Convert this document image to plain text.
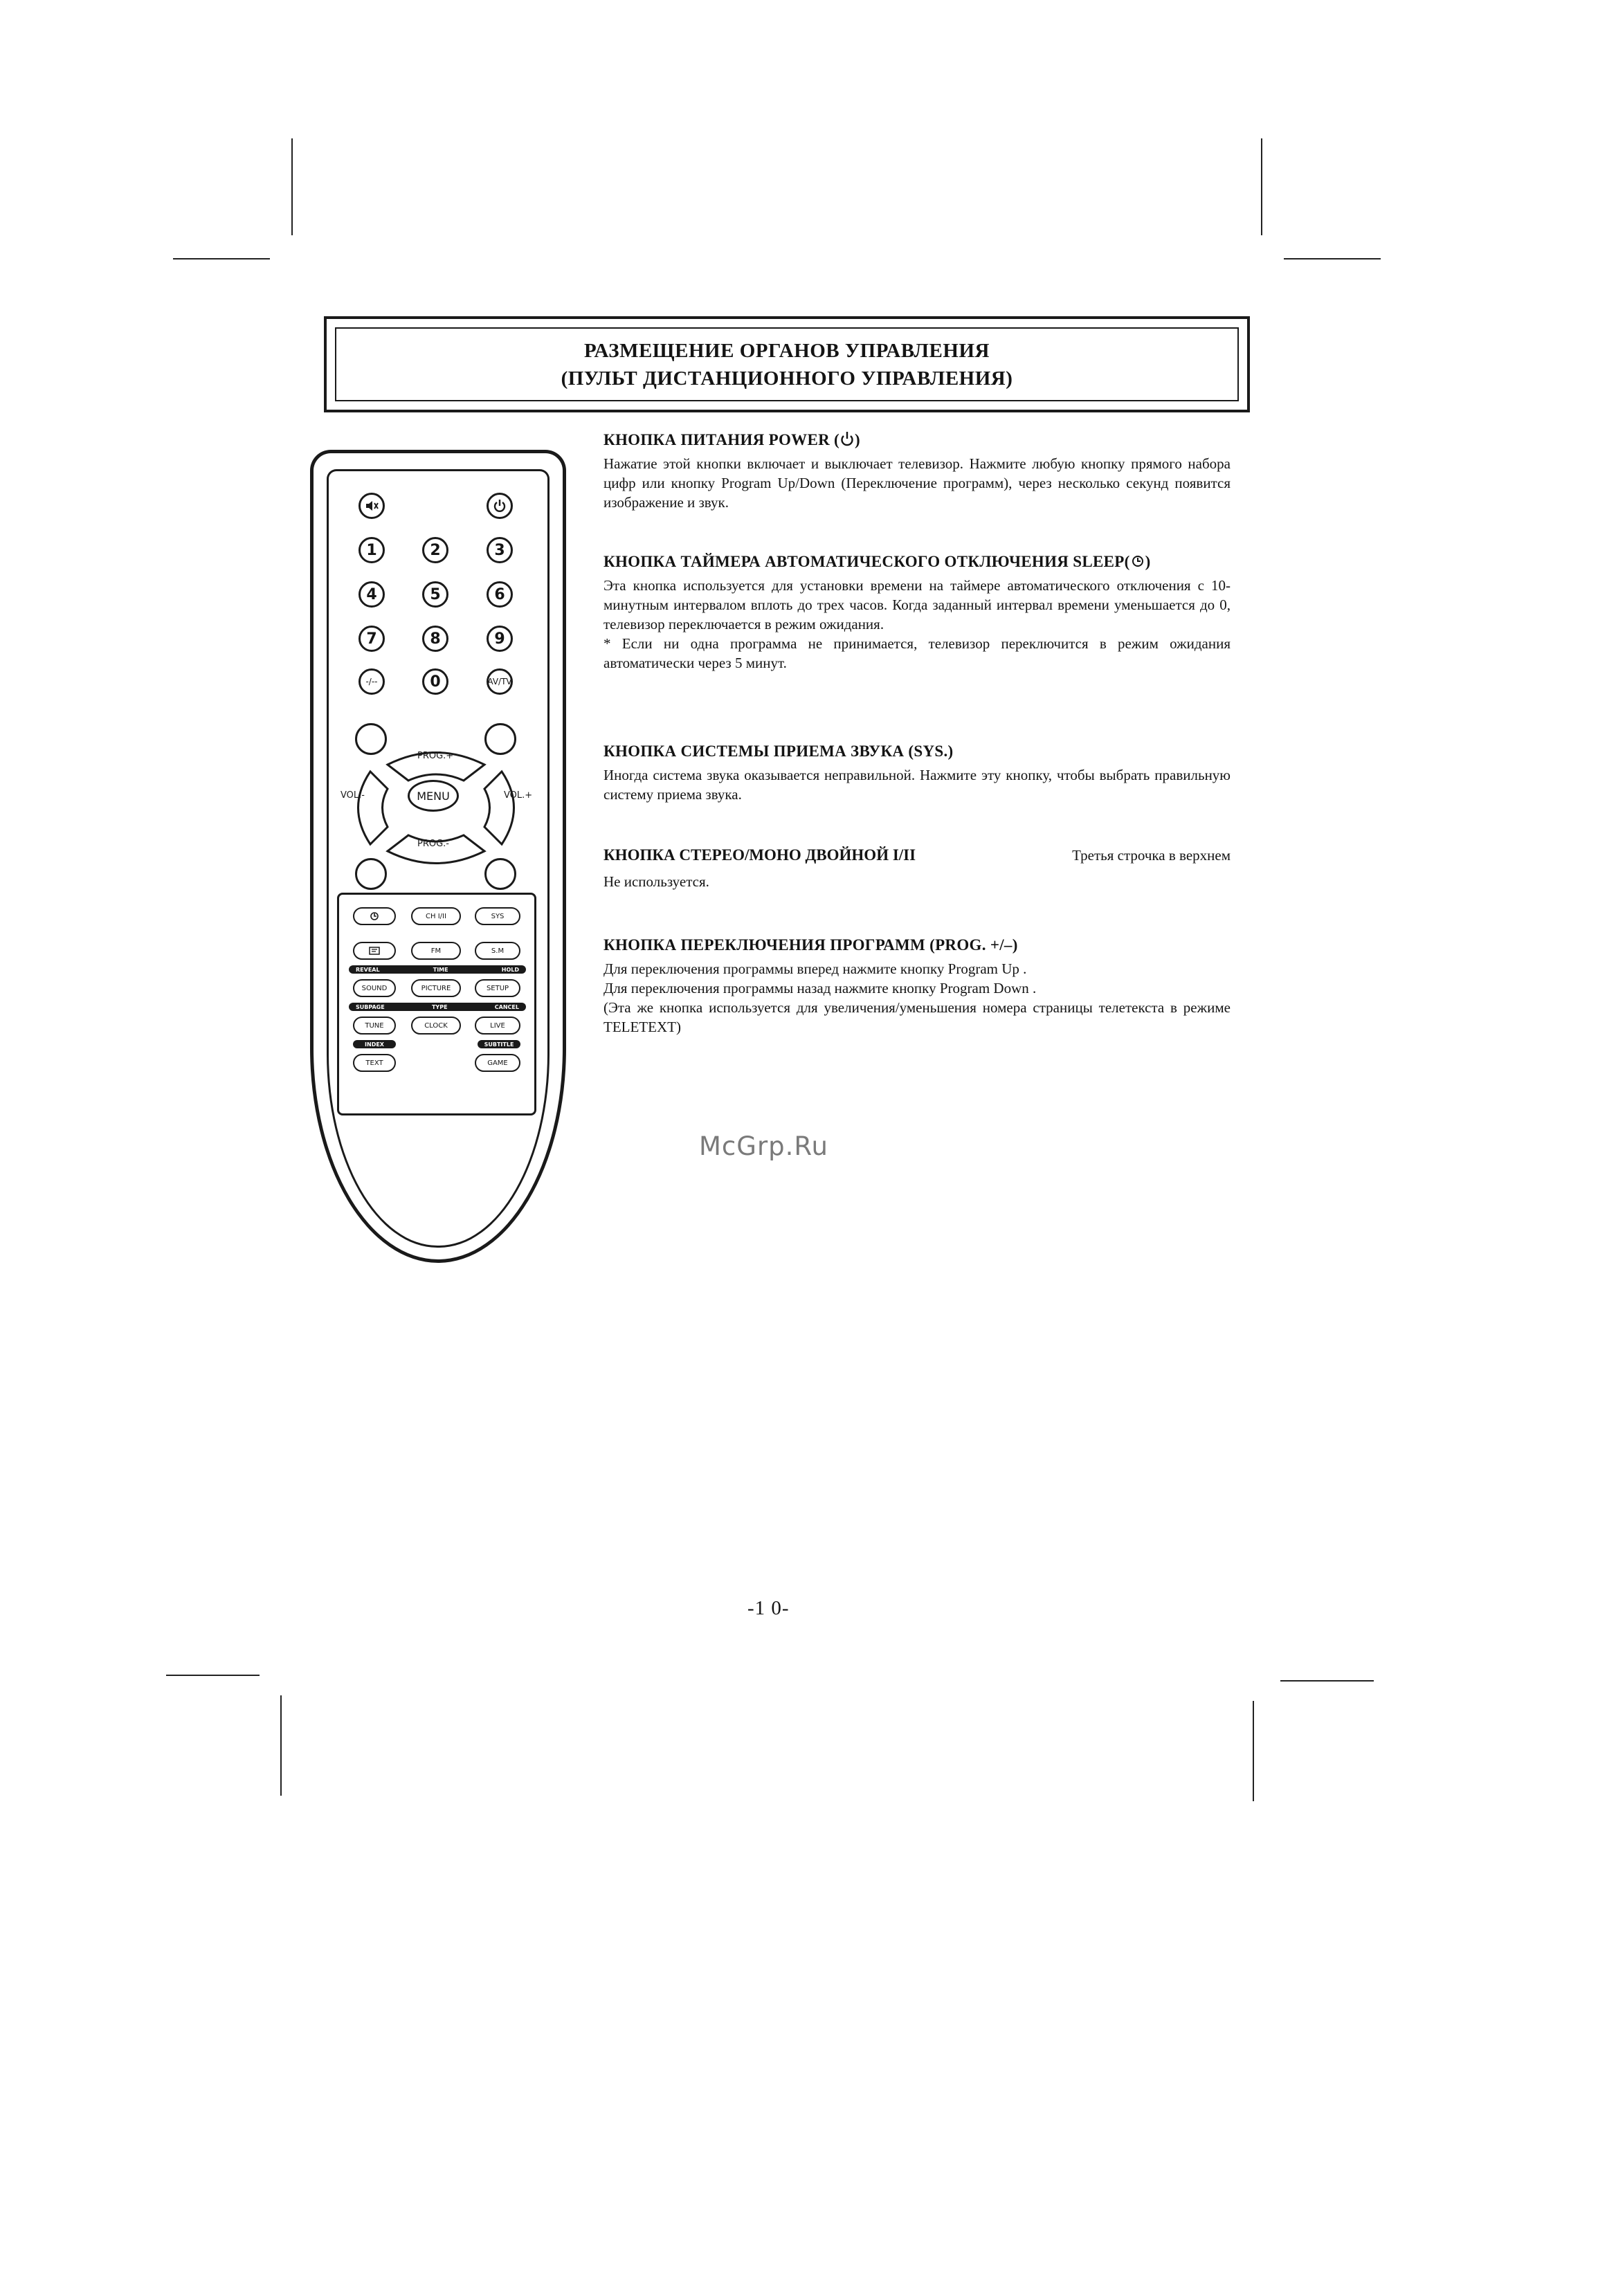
РАЗМЕЩЕНИЕ ОРГАНОВ УПРАВЛЕНИЯ
(ПУЛЬТ ДИСТАНЦИОННОГО УПРАВЛЕНИЯ)
1	2	3
4	5	6
7	8	9
-/--	0	AV/TV
PROG.+
PROG.-
VOL.-	VOL.+
MENU
CH I/II	SYS
FM	S.M
REVEAL	TIME	HOLD
SOUND	PICTURE	SETUP
SUBPAGE	TYPE	CANCEL
TUNE	CLOCK	LIVE
INDEX	SUBTITLE
TEXT	GAME
КНОПКА ПИТАНИЯ POWER ( )

Нажатие этой кнопки включает и выключает телевизор. Нажмите любую кнопку прямого набора цифр или кнопку Program Up/Down (Переключение программ), через несколько секунд появится изображение и звук.

КНОПКА ТАЙМЕРА АВТОМАТИЧЕСКОГО ОТКЛЮЧЕНИЯ SLEEP( )

Эта кнопка используется для установки времени на таймере автоматического отключения с 10-минутным интервалом вплоть до трех часов. Когда заданный интервал времени уменьшается до 0, телевизор переключается в режим ожидания.

* Если ни одна программа не принимается, телевизор переключится в режим ожидания автоматически через 5 минут.

КНОПКА СИСТЕМЫ ПРИЕМА ЗВУКА (SYS.)

Иногда система звука оказывается неправильной. Нажмите эту кнопку, чтобы выбрать правильную систему приема звука.

КНОПКА СТЕРЕО/МОНО ДВОЙНОЙ I/II	Третья строчка в верхнем

Не используется.

КНОПКА ПЕРЕКЛЮЧЕНИЯ ПРОГРАММ (PROG. +/–)

Для переключения программы вперед нажмите кнопку Program Up .

Для переключения программы назад нажмите кнопку Program Down .

(Эта же кнопка используется для увеличения/уменьшения номера страницы телетекста в режиме TELETEXT)

McGrp.Ru
-1 0-
